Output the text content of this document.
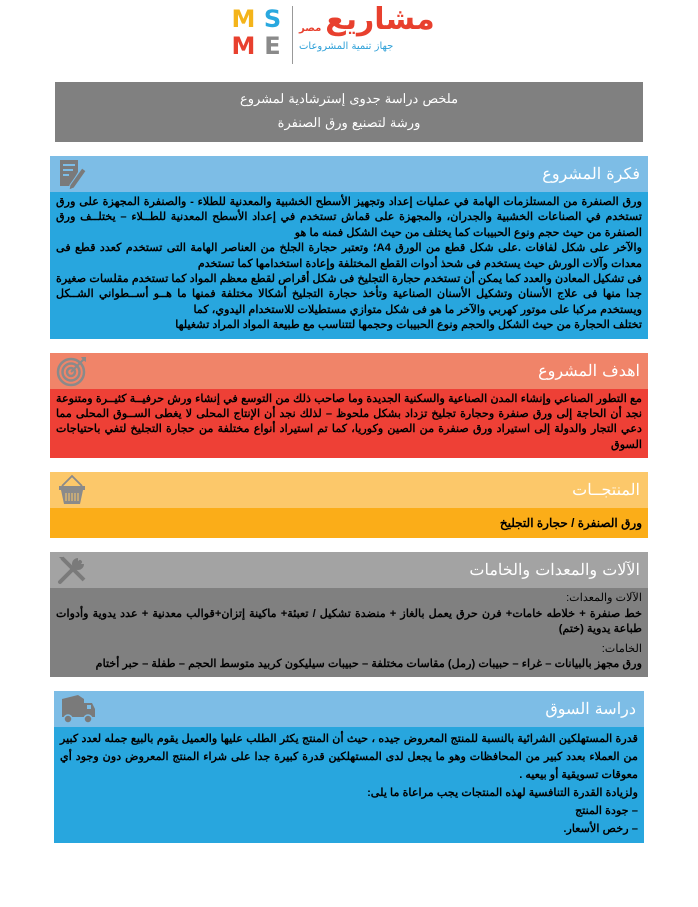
M S
M E
مشاريع
مصر
جهاز تنمية المشروعات
ملخص دراسة جدوى إسترشادية لمشروع
ورشة لتصنيع ورق الصنفرة
فكرة المشروع

ورق الصنفرة من المستلزمات الهامة في عمليات إعداد وتجهيز الأسطح الخشبية والمعدنية للطلاء - والصنفرة المجهزة على ورق تستخدم في الصناعات الخشبية والجدران، والمجهزة على قماش تستخدم في إعداد الأسطح المعدنية للطــلاء – يختلــف ورق الصنفرة من حيث حجم ونوع الحبيبات كما يختلف من حيث الشكل فمنه ما هو

والآخر على شكل لفافات .على شكل قطع من الورق A4؛ وتعتبر حجارة الجلخ من العناصر الهامة التى تستخدم كعدد قطع فى معدات وآلات الورش حيث يستخدم فى شحذ أدوات القطع المختلفة وإعادة استخدامها كما تستخدم

فى تشكيل المعادن والعدد كما يمكن أن تستخدم حجارة التجليخ فى شكل أقراص لقطع معظم المواد كما تستخدم مقلسات صغيرة جدا منها فى علاج الأسنان وتشكيل الأسنان الصناعية وتأخذ حجارة التجليخ أشكالا مختلفة فمنها ما هــو أســطواني الشــكل ويستخدم مركبا على موتور كهربي والآخر ما هو فى شكل متوازي مستطيلات للاستخدام اليدوي، كما

تختلف الحجارة من حيث الشكل والحجم ونوع الحبيبات وحجمها لتتناسب مع طبيعة المواد المراد تشغيلها

اهدف المشروع

مع التطور الصناعي وإنشاء المدن الصناعية والسكنية الجديدة وما صاحب ذلك من التوسع في إنشاء ورش حرفيــة كثيــرة ومتنوعة نجد أن الحاجة إلى ورق صنفرة وحجارة تجليخ تزداد بشكل ملحوظ – لذلك نجد أن الإنتاج المحلى لا يغطى الســوق المحلى مما دعي التجار والدولة إلى استيراد ورق صنفرة من الصين وكوريا، كما تم استيراد أنواع مختلفة من حجارة التجليخ لتفي باحتياجات السوق

المنتجــات

ورق الصنفرة / حجارة التجليخ

الآلات والمعدات والخامات

الآلات والمعدات:

خط صنفرة + خلاطه خامات+ فرن حرق يعمل بالغاز + منضدة تشكيل / تعبئة+ ماكينة إتزان+قوالب معدنية + عدد يدوية وأدوات طباعة يدوية (ختم)

الخامات:

ورق مجهز بالبيانات – غراء – حبيبات (رمل) مقاسات مختلفة – حبيبات سيليكون كربيد متوسط الحجم – طفلة – حبر أختام

دراسة السوق

قدرة المستهلكين الشرائية بالنسبة للمنتج المعروض جيده ، حيث أن المنتج يكثر الطلب عليها والعميل يقوم بالبيع جمله لعدد كبير من العملاء بعدد كبير من المحافظات وهو ما يجعل لدى المستهلكين قدرة كبيرة جدا على شراء المنتج المعروض دون وجود أي معوقات تسويقية أو بيعيه .

ولزيادة القدرة التنافسية لهذه المنتجات يجب مراعاة ما يلى:

– جودة المنتج

– رخص الأسعار.
